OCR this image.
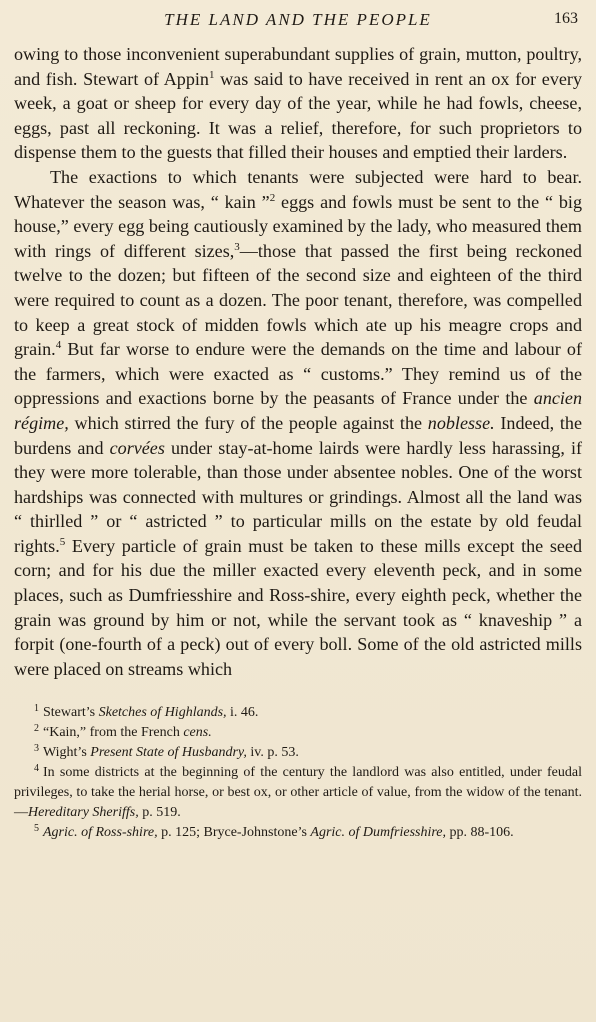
THE LAND AND THE PEOPLE	163

owing to those inconvenient superabundant supplies of grain, mutton, poultry, and fish. Stewart of Appin$^1$ was said to have received in rent an ox for every week, a goat or sheep for every day of the year, while he had fowls, cheese, eggs, past all reckoning. It was a relief, therefore, for such proprietors to dispense them to the guests that filled their houses and emptied their larders.

The exactions to which tenants were subjected were hard to bear. Whatever the season was, “ kain ”$^2$ eggs and fowls must be sent to the “ big house,” every egg being cautiously examined by the lady, who measured them with rings of different sizes,$^3$—those that passed the first being reckoned twelve to the dozen; but fifteen of the second size and eighteen of the third were required to count as a dozen. The poor tenant, therefore, was compelled to keep a great stock of midden fowls which ate up his meagre crops and grain.$^4$ But far worse to endure were the demands on the time and labour of the farmers, which were exacted as “ customs.” They remind us of the oppressions and exactions borne by the peasants of France under the ancien régime, which stirred the fury of the people against the noblesse. Indeed, the burdens and corvées under stay-at-home lairds were hardly less harassing, if they were more tolerable, than those under absentee nobles. One of the worst hardships was connected with multures or grindings. Almost all the land was “ thirlled ” or “ astricted ” to particular mills on the estate by old feudal rights.$^5$ Every particle of grain must be taken to these mills except the seed corn; and for his due the miller exacted every eleventh peck, and in some places, such as Dumfriesshire and Ross-shire, every eighth peck, whether the grain was ground by him or not, while the servant took as “ knaveship ” a forpit (one-fourth of a peck) out of every boll. Some of the old astricted mills were placed on streams which

$^1$ Stewart’s Sketches of Highlands, i. 46.

$^2$ “Kain,” from the French cens.

$^3$ Wight’s Present State of Husbandry, iv. p. 53.

$^4$ In some districts at the beginning of the century the landlord was also entitled, under feudal privileges, to take the herial horse, or best ox, or other article of value, from the widow of the tenant.—Hereditary Sheriffs, p. 519.

$^5$ Agric. of Ross-shire, p. 125; Bryce-Johnstone’s Agric. of Dumfriesshire, pp. 88-106.
